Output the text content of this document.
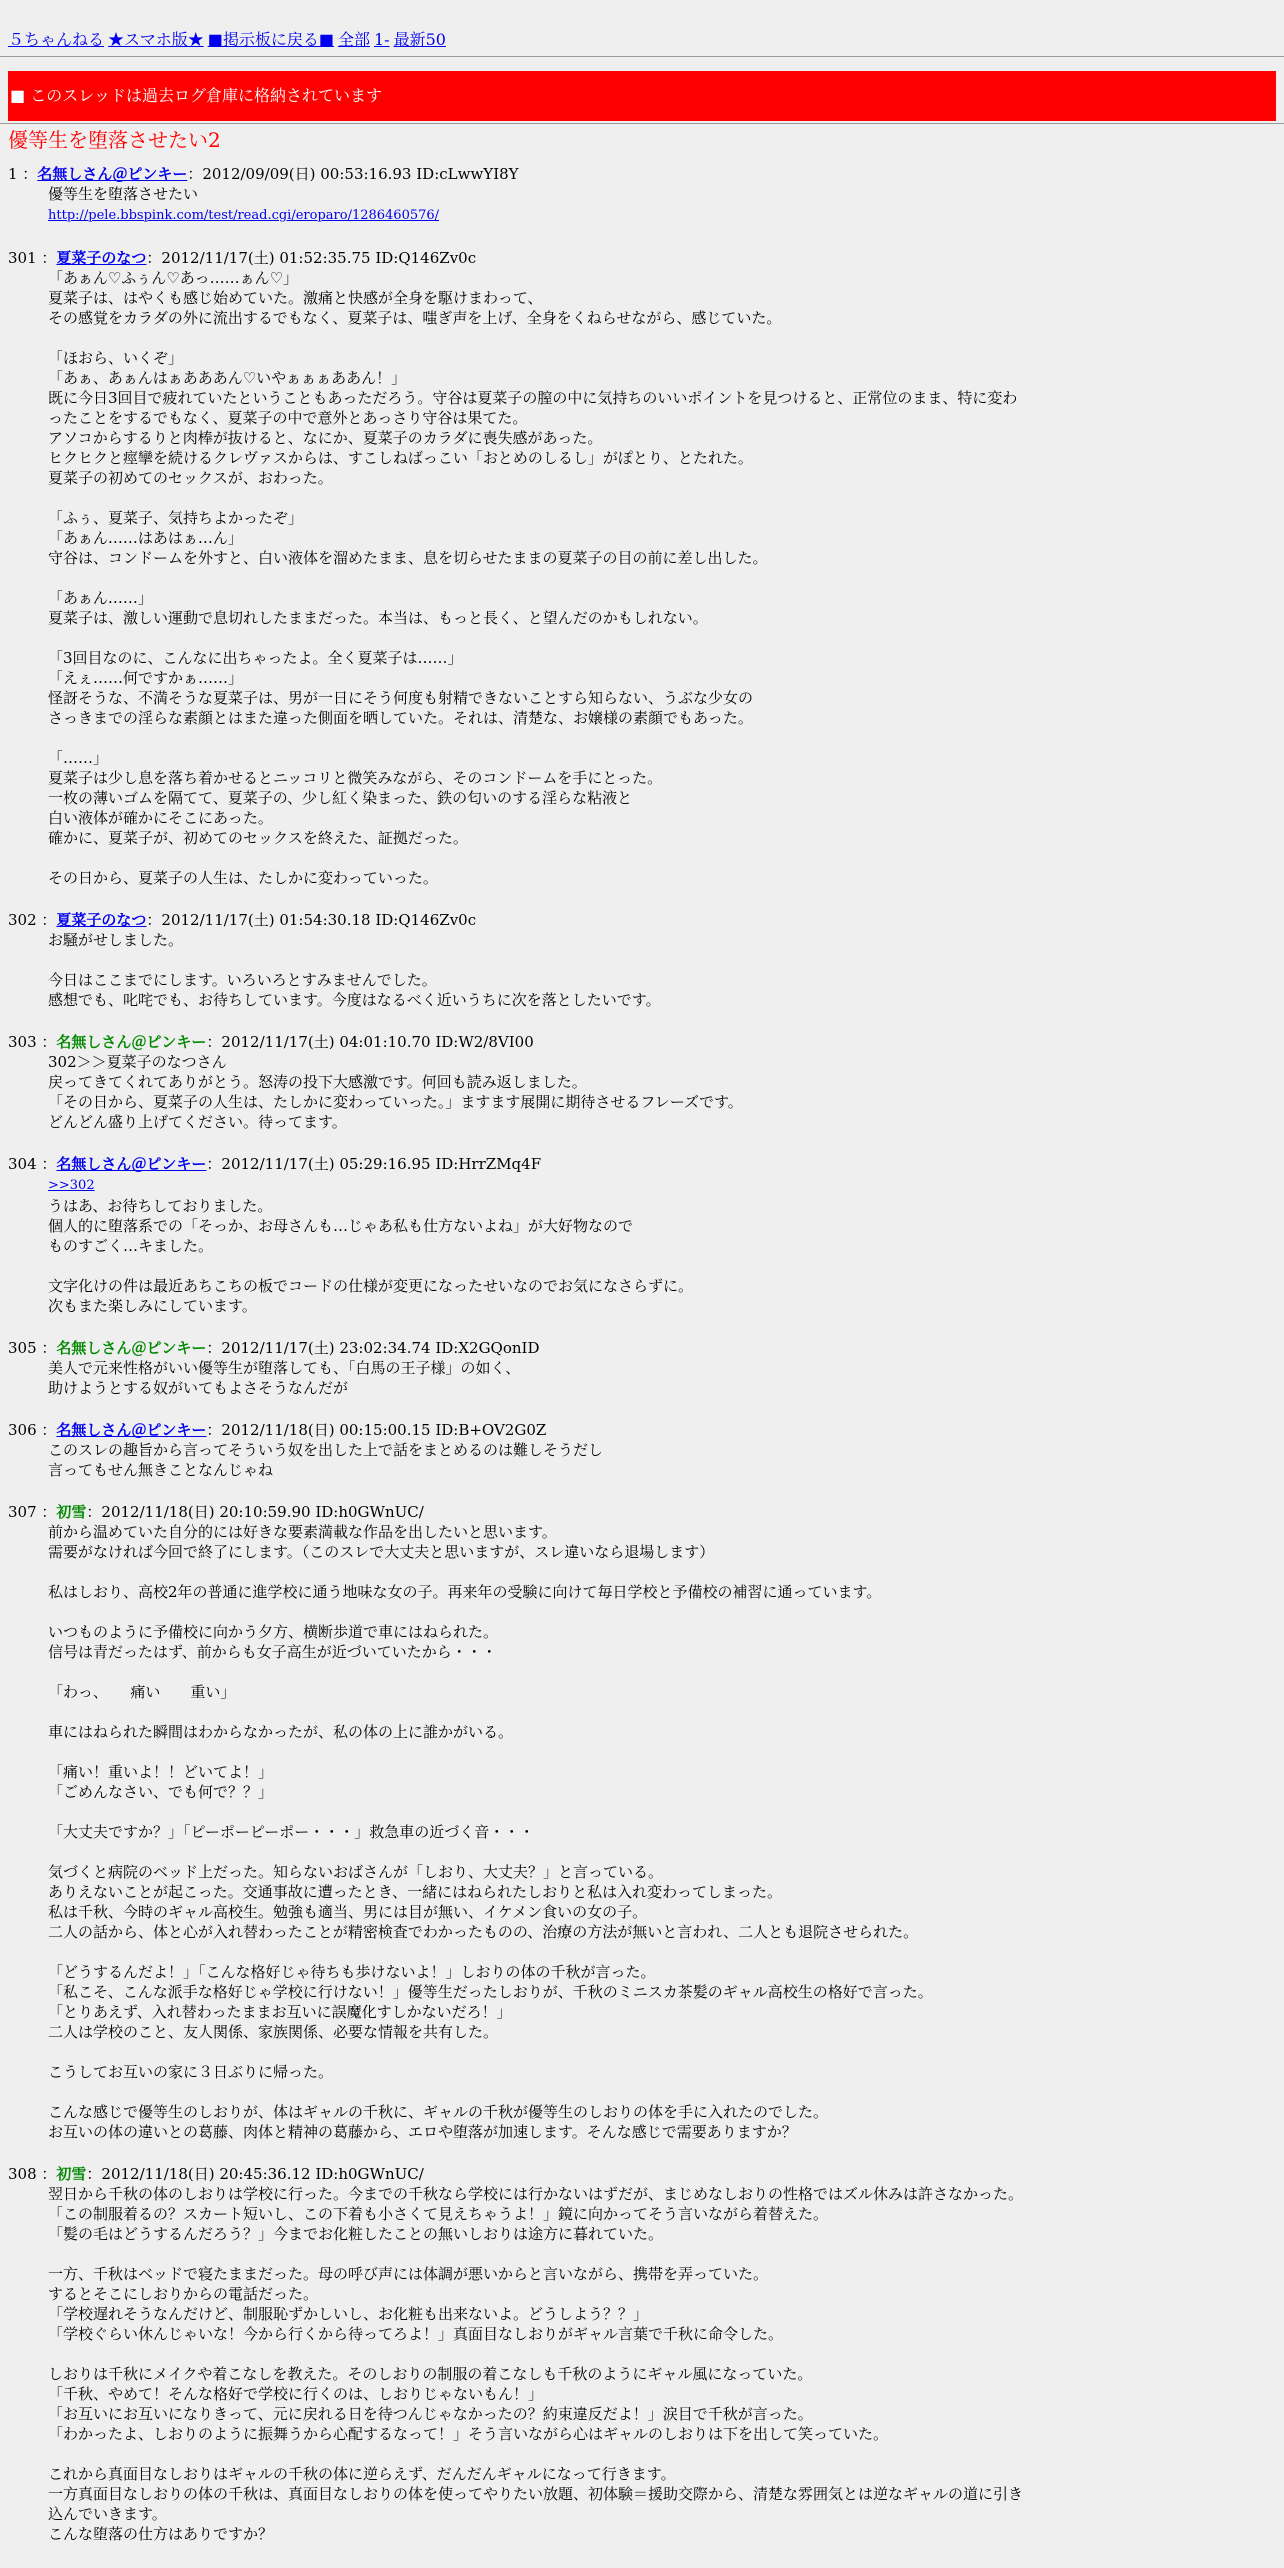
５ちゃんねる ★スマホ版★ ■掲示板に戻る■ 全部 1- 最新50
■ このスレッドは過去ログ倉庫に格納されています
優等生を堕落させたい2
1 ：名無しさん＠ピンキー：2012/09/09(日) 00:53:16.93 ID:cLwwYI8Y
優等生を堕落させたい
http://pele.bbspink.com/test/read.cgi/eroparo/1286460576/
301 ：夏菜子のなつ：2012/11/17(土) 01:52:35.75 ID:Q146Zv0c
「あぁん♡ふぅん♡あっ……ぁん♡」
夏菜子は、はやくも感じ始めていた。激痛と快感が全身を駆けまわって、
その感覚をカラダの外に流出するでもなく、夏菜子は、嗤ぎ声を上げ、全身をくねらせながら、感じていた。

「ほおら、いくぞ」
「あぁ、あぁんはぁあああん♡いやぁぁぁああん！」
既に今日3回目で疲れていたということもあっただろう。守谷は夏菜子の膣の中に気持ちのいいポイントを見つけると、正常位のまま、特に変わ
ったことをするでもなく、夏菜子の中で意外とあっさり守谷は果てた。
アソコからするりと肉棒が抜けると、なにか、夏菜子のカラダに喪失感があった。
ヒクヒクと痙攣を続けるクレヴァスからは、すこしねばっこい「おとめのしるし」がぽとり、とたれた。
夏菜子の初めてのセックスが、おわった。

「ふぅ、夏菜子、気持ちよかったぞ」
「あぁん……はあはぁ…ん」
守谷は、コンドームを外すと、白い液体を溜めたまま、息を切らせたままの夏菜子の目の前に差し出した。

「あぁん……」
夏菜子は、激しい運動で息切れしたままだった。本当は、もっと長く、と望んだのかもしれない。

「3回目なのに、こんなに出ちゃったよ。全く夏菜子は……」
「えぇ……何ですかぁ……」
怪訝そうな、不満そうな夏菜子は、男が一日にそう何度も射精できないことすら知らない、うぶな少女の
さっきまでの淫らな素顔とはまた違った側面を晒していた。それは、清楚な、お嬢様の素顔でもあった。

「……」
夏菜子は少し息を落ち着かせるとニッコリと微笑みながら、そのコンドームを手にとった。
一枚の薄いゴムを隔てて、夏菜子の、少し紅く染まった、鉄の匂いのする淫らな粘液と
白い液体が確かにそこにあった。
確かに、夏菜子が、初めてのセックスを終えた、証拠だった。

その日から、夏菜子の人生は、たしかに変わっていった。
302 ：夏菜子のなつ：2012/11/17(土) 01:54:30.18 ID:Q146Zv0c
お騒がせしました。

今日はここまでにします。いろいろとすみませんでした。
感想でも、叱咤でも、お待ちしています。今度はなるべく近いうちに次を落としたいです。
303 ：名無しさん＠ピンキー：2012/11/17(土) 04:01:10.70 ID:W2/8VI00
302＞＞夏菜子のなつさん
戻ってきてくれてありがとう。怒涛の投下大感激です。何回も読み返しました。
「その日から、夏菜子の人生は、たしかに変わっていった。」ますます展開に期待させるフレーズです。
どんどん盛り上げてください。待ってます。
304 ：名無しさん＠ピンキー：2012/11/17(土) 05:29:16.95 ID:HrrZMq4F
>>302
うはあ、お待ちしておりました。
個人的に堕落系での「そっか、お母さんも…じゃあ私も仕方ないよね」が大好物なので
ものすごく…キました。

文字化けの件は最近あちこちの板でコードの仕様が変更になったせいなのでお気になさらずに。
次もまた楽しみにしています。
305 ：名無しさん＠ピンキー：2012/11/17(土) 23:02:34.74 ID:X2GQonID
美人で元来性格がいい優等生が堕落しても、「白馬の王子様」の如く、
助けようとする奴がいてもよさそうなんだが
306 ：名無しさん＠ピンキー：2012/11/18(日) 00:15:00.15 ID:B+OV2G0Z
このスレの趣旨から言ってそういう奴を出した上で話をまとめるのは難しそうだし
言ってもせん無きことなんじゃね
307 ：初雪：2012/11/18(日) 20:10:59.90 ID:h0GWnUC/
前から温めていた自分的には好きな要素満載な作品を出したいと思います。
需要がなければ今回で終了にします。（このスレで大丈夫と思いますが、スレ違いなら退場します）

私はしおり、高校2年の普通に進学校に通う地味な女の子。再来年の受験に向けて毎日学校と予備校の補習に通っています。

いつものように予備校に向かう夕方、横断歩道で車にはねられた。
信号は青だったはず、前からも女子高生が近づいていたから・・・

「わっ、　　痛い　　重い」

車にはねられた瞬間はわからなかったが、私の体の上に誰かがいる。

「痛い！重いよ！！どいてよ！」
「ごめんなさい、でも何で？？」

「大丈夫ですか？」「ピーポーピーポー・・・」救急車の近づく音・・・

気づくと病院のベッド上だった。知らないおばさんが「しおり、大丈夫？」と言っている。
ありえないことが起こった。交通事故に遭ったとき、一緒にはねられたしおりと私は入れ変わってしまった。
私は千秋、今時のギャル高校生。勉強も適当、男には目が無い、イケメン食いの女の子。
二人の話から、体と心が入れ替わったことが精密検査でわかったものの、治療の方法が無いと言われ、二人とも退院させられた。

「どうするんだよ！」「こんな格好じゃ待ちも歩けないよ！」しおりの体の千秋が言った。
「私こそ、こんな派手な格好じゃ学校に行けない！」優等生だったしおりが、千秋のミニスカ茶髪のギャル高校生の格好で言った。
「とりあえず、入れ替わったままお互いに誤魔化すしかないだろ！」
二人は学校のこと、友人関係、家族関係、必要な情報を共有した。

こうしてお互いの家に３日ぶりに帰った。

こんな感じで優等生のしおりが、体はギャルの千秋に、ギャルの千秋が優等生のしおりの体を手に入れたのでした。
お互いの体の違いとの葛藤、肉体と精神の葛藤から、エロや堕落が加速します。そんな感じで需要ありますか？
308 ：初雪：2012/11/18(日) 20:45:36.12 ID:h0GWnUC/
翌日から千秋の体のしおりは学校に行った。今までの千秋なら学校には行かないはずだが、まじめなしおりの性格ではズル休みは許さなかった。
「この制服着るの？スカート短いし、この下着も小さくて見えちゃうよ！」鏡に向かってそう言いながら着替えた。
「髪の毛はどうするんだろう？」今までお化粧したことの無いしおりは途方に暮れていた。

一方、千秋はベッドで寝たままだった。母の呼び声には体調が悪いからと言いながら、携帯を弄っていた。
するとそこにしおりからの電話だった。
「学校遅れそうなんだけど、制服恥ずかしいし、お化粧も出来ないよ。どうしよう？？」
「学校ぐらい休んじゃいな！今から行くから待ってろよ！」真面目なしおりがギャル言葉で千秋に命令した。

しおりは千秋にメイクや着こなしを教えた。そのしおりの制服の着こなしも千秋のようにギャル風になっていた。
「千秋、やめて！そんな格好で学校に行くのは、しおりじゃないもん！」
「お互いにお互いになりきって、元に戻れる日を待つんじゃなかったの？約束違反だよ！」涙目で千秋が言った。
「わかったよ、しおりのように振舞うから心配するなって！」そう言いながら心はギャルのしおりは下を出して笑っていた。

これから真面目なしおりはギャルの千秋の体に逆らえず、だんだんギャルになって行きます。
一方真面目なしおりの体の千秋は、真面目なしおりの体を使ってやりたい放題、初体験＝援助交際から、清楚な雰囲気とは逆なギャルの道に引き
込んでいきます。
こんな堕落の仕方はありですか？
